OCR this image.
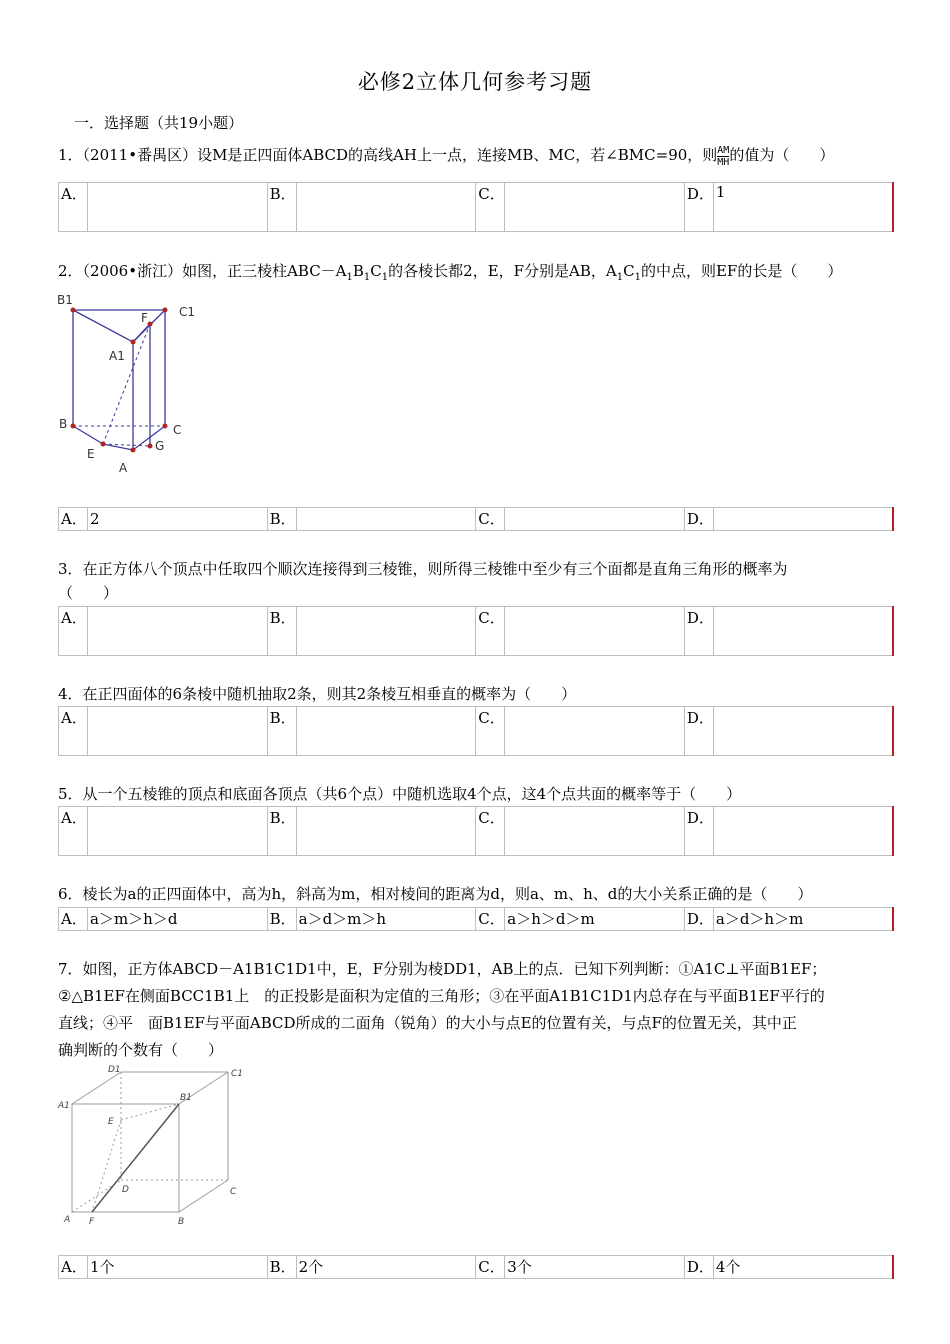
必修2立体几何参考习题
一．选择题（共19小题）
1．（2011•番禺区）设M是正四面体ABCD的高线AH上一点，连接MB、MC，若∠BMC=90，则 $\frac{AM}{MH}$ 的值为（　　）
A．		B．		C．		D．	1
2．（2006•浙江）如图，正三棱柱$ABC-A_1B_1C_1$的各棱长都2，E，F分别是AB，$A_1C_1$的中点，则EF的长是（　　）
B1
F	C1
A1
B	C
E
G
A
A．	2	B．		C．		D．	
3．在正方体八个顶点中任取四个顺次连接得到三棱锥，则所得三棱锥中至少有三个面都是直角三角形的概率为
（　　）
A．		B．		C．		D．	
4．在正四面体的6条棱中随机抽取2条，则其2条棱互相垂直的概率为（　　）
A．		B．		C．		D．	
5．从一个五棱锥的顶点和底面各顶点（共6个点）中随机选取4个点，这4个点共面的概率等于（　　）
A．		B．		C．		D．	
6．棱长为a的正四面体中，高为h，斜高为m，相对棱间的距离为d，则a、m、h、d的大小关系正确的是（　　）
A．	a＞m＞h＞d	B．	a＞d＞m＞h	C．	a＞h＞d＞m	D．	a＞d＞h＞m
7．如图，正方体ABCD－A1B1C1D1中，E，F分别为棱DD1，AB上的点．已知下列判断：①A1C⊥平面B1EF；
②△B1EF在侧面BCC1B1上　的正投影是面积为定值的三角形；③在平面A1B1C1D1内总存在与平面B1EF平行的
直线；④平　面B1EF与平面ABCD所成的二面角（锐角）的大小与点E的位置有关，与点F的位置无关，其中正
确判断的个数有（　　）
D1	C1
A1
B1
E
D	C
A F	B
A．	1个	B．	2个	C．	3个	D．	4个
